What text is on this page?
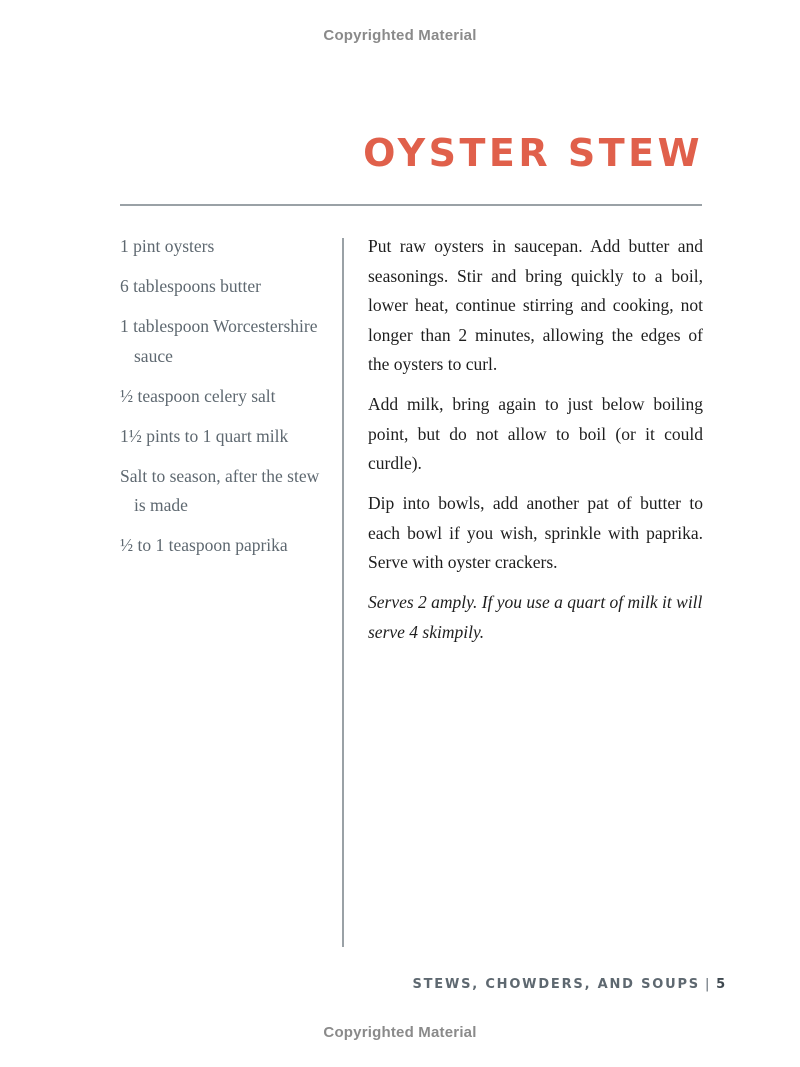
Copyrighted Material
OYSTER STEW
1 pint oysters
6 tablespoons butter
1 tablespoon Worcestershire sauce
½ teaspoon celery salt
1½ pints to 1 quart milk
Salt to season, after the stew is made
½ to 1 teaspoon paprika

Put raw oysters in saucepan. Add butter and seasonings. Stir and bring quickly to a boil, lower heat, continue stirring and cooking, not longer than 2 minutes, allowing the edges of the oysters to curl.

Add milk, bring again to just below boiling point, but do not allow to boil (or it could curdle).

Dip into bowls, add another pat of butter to each bowl if you wish, sprinkle with paprika. Serve with oyster crackers.

Serves 2 amply. If you use a quart of milk it will serve 4 skimpily.

STEWS, CHOWDERS, AND SOUPS | 5
Copyrighted Material
